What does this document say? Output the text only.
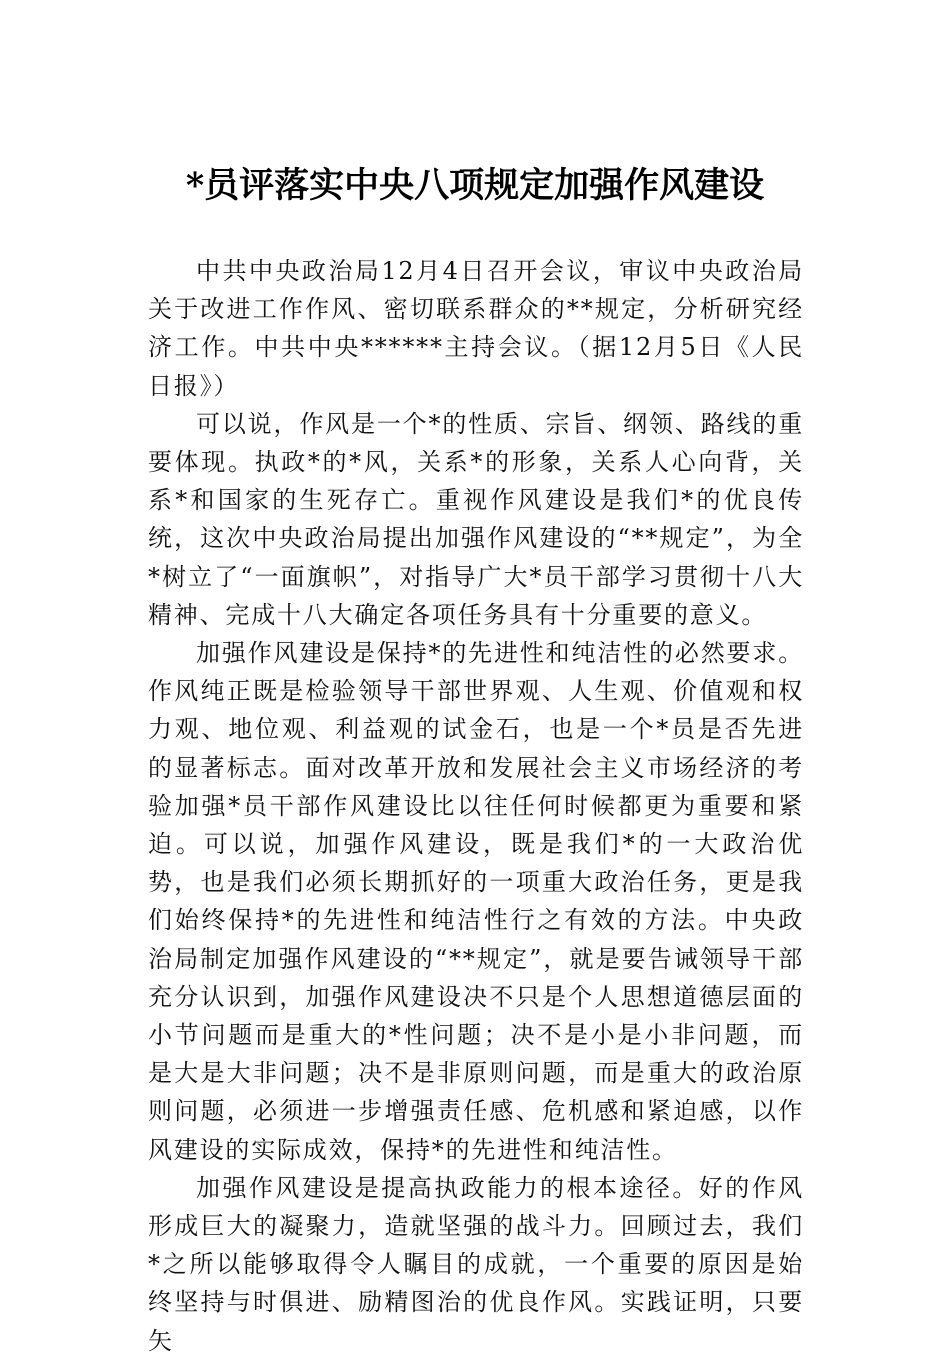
*员评落实中央八项规定加强作风建设

中共中央政治局12月4日召开会议，审议中央政治局关于改进工作作风、密切联系群众的**规定，分析研究经济工作。中共中央******主持会议。（据12月5日《人民日报》）

可以说，作风是一个*的性质、宗旨、纲领、路线的重要体现。执政*的*风，关系*的形象，关系人心向背，关系*和国家的生死存亡。重视作风建设是我们*的优良传统，这次中央政治局提出加强作风建设的“**规定”，为全*树立了“一面旗帜”，对指导广大*员干部学习贯彻十八大精神、完成十八大确定各项任务具有十分重要的意义。

加强作风建设是保持*的先进性和纯洁性的必然要求。作风纯正既是检验领导干部世界观、人生观、价值观和权力观、地位观、利益观的试金石，也是一个*员是否先进的显著标志。面对改革开放和发展社会主义市场经济的考验加强*员干部作风建设比以往任何时候都更为重要和紧迫。可以说，加强作风建设，既是我们*的一大政治优势，也是我们必须长期抓好的一项重大政治任务，更是我们始终保持*的先进性和纯洁性行之有效的方法。中央政治局制定加强作风建设的“**规定”，就是要告诫领导干部充分认识到，加强作风建设决不只是个人思想道德层面的小节问题而是重大的*性问题；决不是小是小非问题，而是大是大非问题；决不是非原则问题，而是重大的政治原则问题，必须进一步增强责任感、危机感和紧迫感，以作风建设的实际成效，保持*的先进性和纯洁性。

加强作风建设是提高执政能力的根本途径。好的作风形成巨大的凝聚力，造就坚强的战斗力。回顾过去，我们*之所以能够取得令人瞩目的成就，一个重要的原因是始终坚持与时俱进、励精图治的优良作风。实践证明，只要矢
